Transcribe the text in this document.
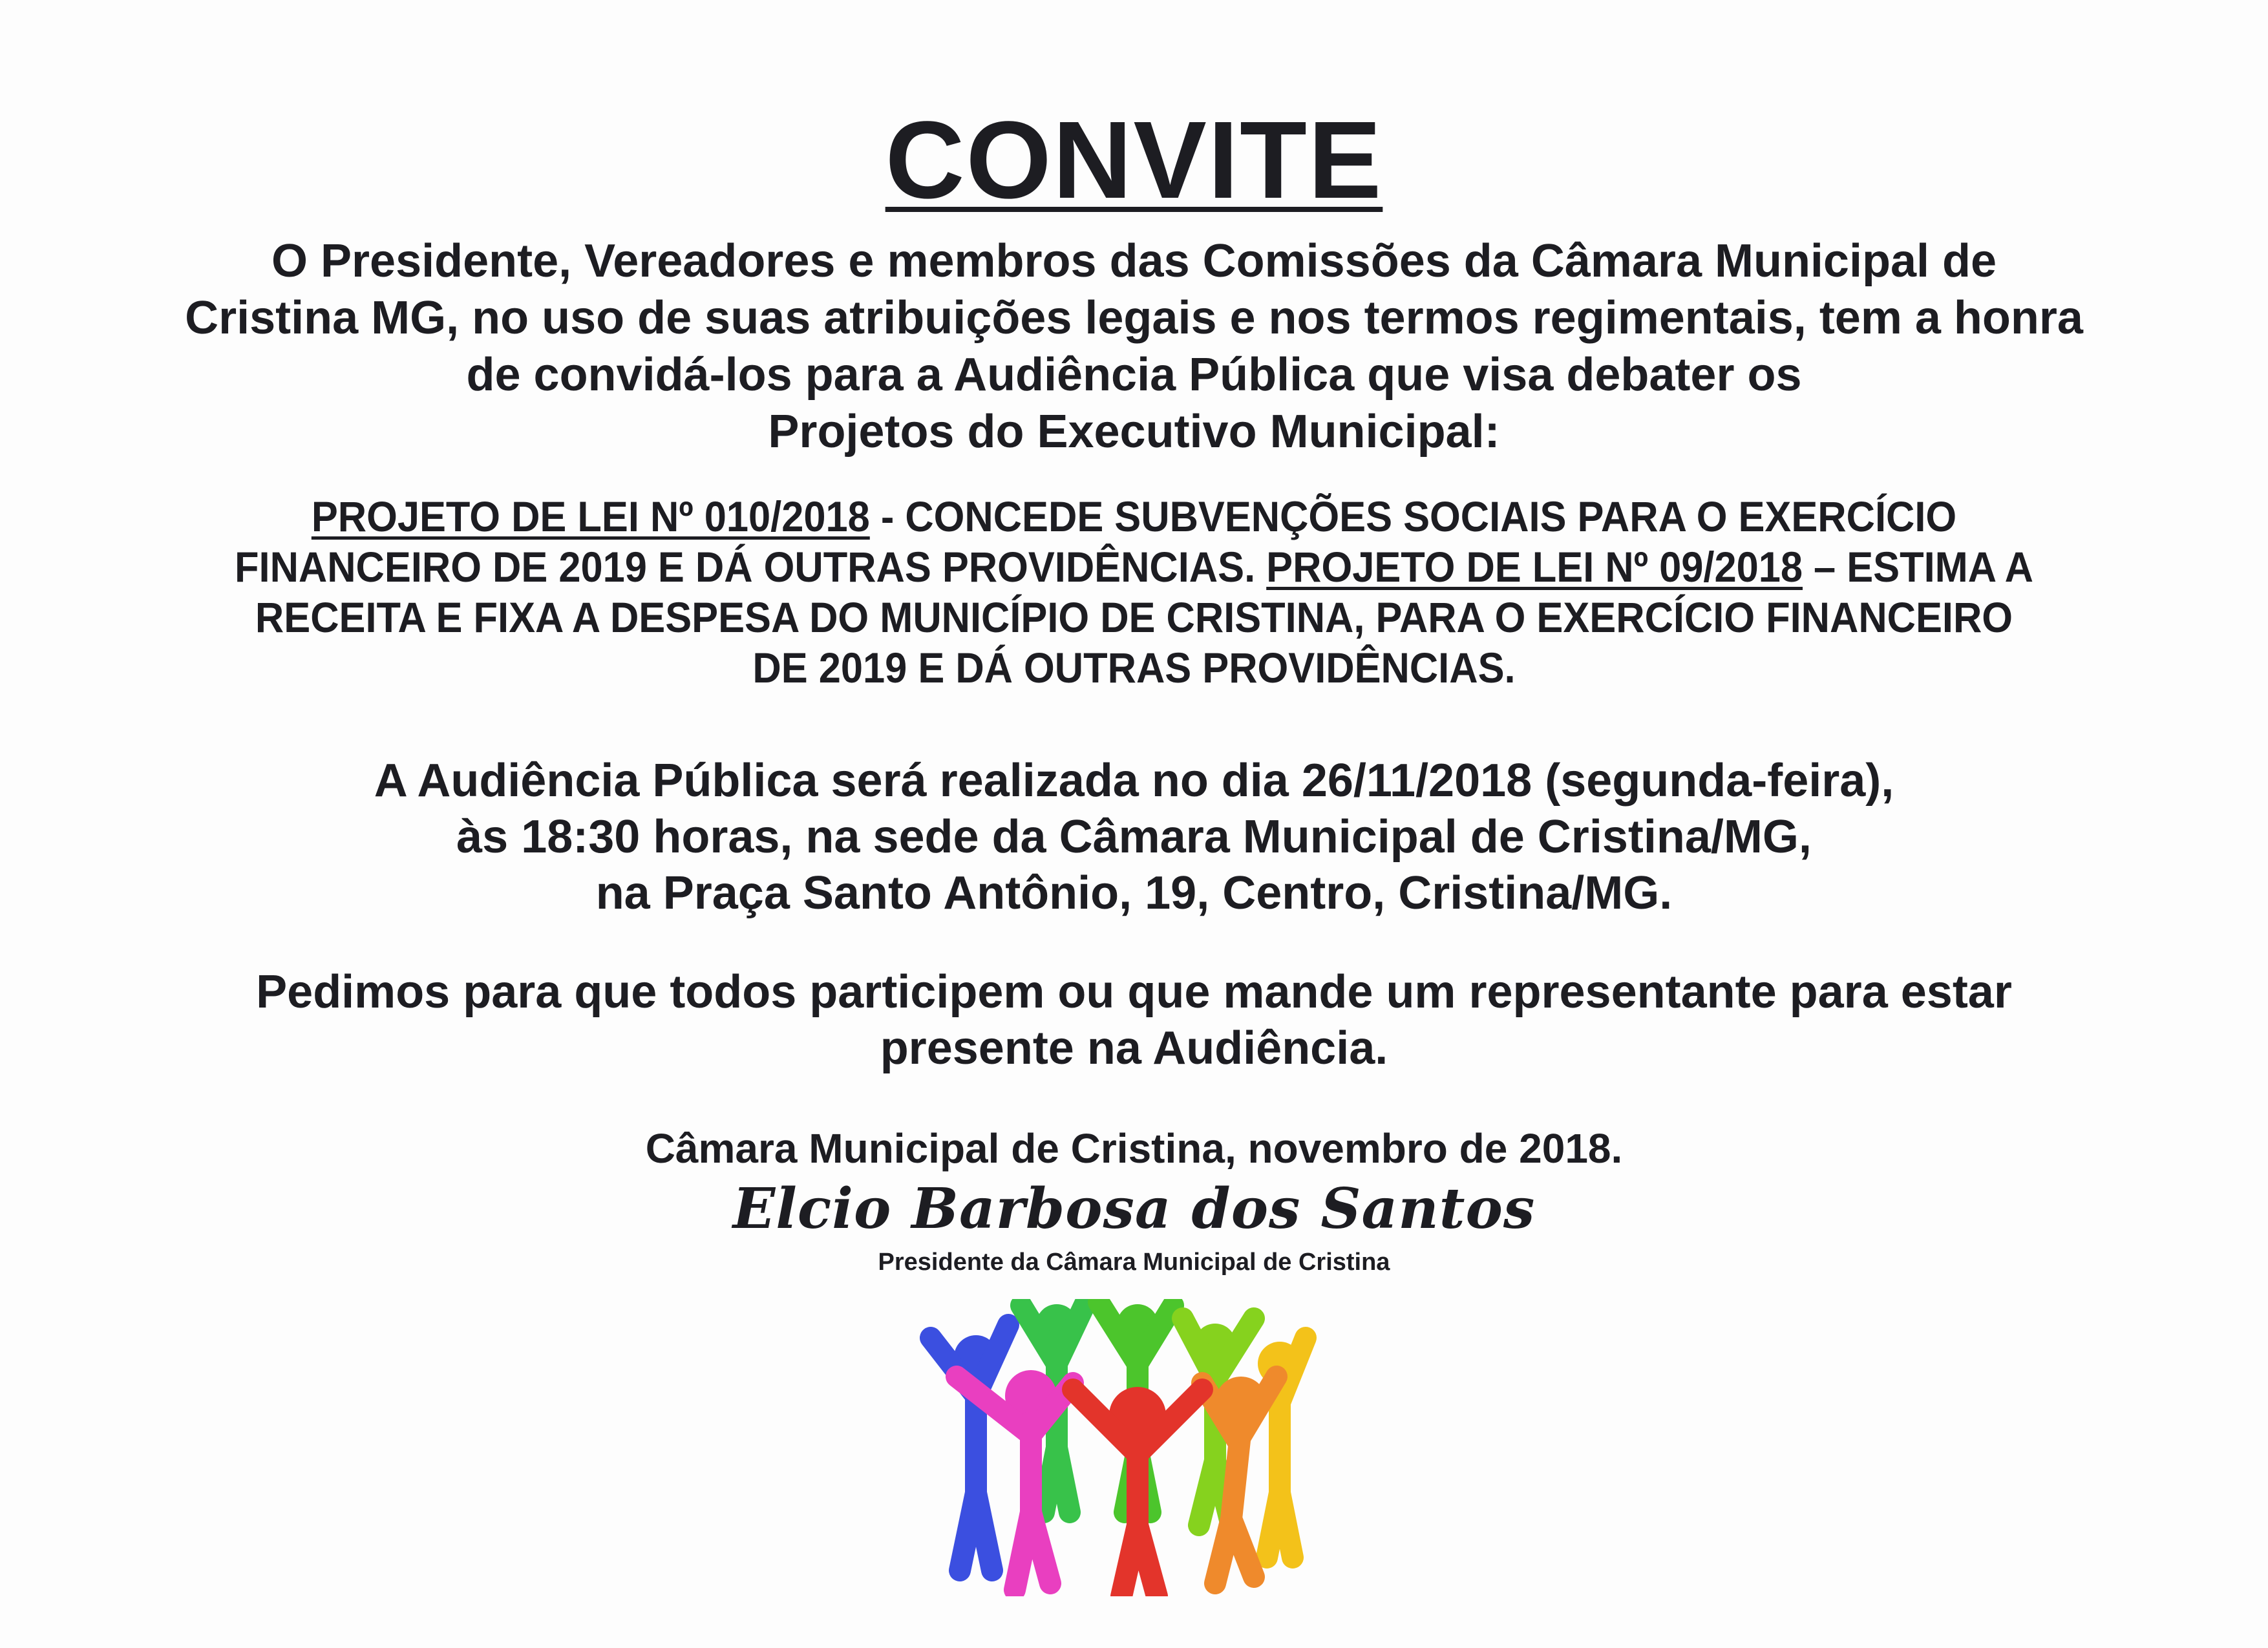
CONVITE
O Presidente, Vereadores e membros das Comissões da Câmara Municipal de
Cristina MG, no uso de suas atribuições legais e nos termos regimentais, tem a honra
de convidá-los para a Audiência Pública que visa debater os
Projetos do Executivo Municipal:
PROJETO DE LEI Nº 010/2018 - CONCEDE SUBVENÇÕES SOCIAIS PARA O EXERCÍCIO
FINANCEIRO DE 2019 E DÁ OUTRAS PROVIDÊNCIAS. PROJETO DE LEI Nº 09/2018 – ESTIMA A
RECEITA E FIXA A DESPESA DO MUNICÍPIO DE CRISTINA, PARA O EXERCÍCIO FINANCEIRO
DE 2019 E DÁ OUTRAS PROVIDÊNCIAS.
A Audiência Pública será realizada no dia 26/11/2018 (segunda-feira),
às 18:30 horas, na sede da Câmara Municipal de Cristina/MG,
na Praça Santo Antônio, 19, Centro, Cristina/MG.
Pedimos para que todos participem ou que mande um representante para estar
presente na Audiência.
Câmara Municipal de Cristina, novembro de 2018.
Elcio Barbosa dos Santos
Presidente da Câmara Municipal de Cristina
